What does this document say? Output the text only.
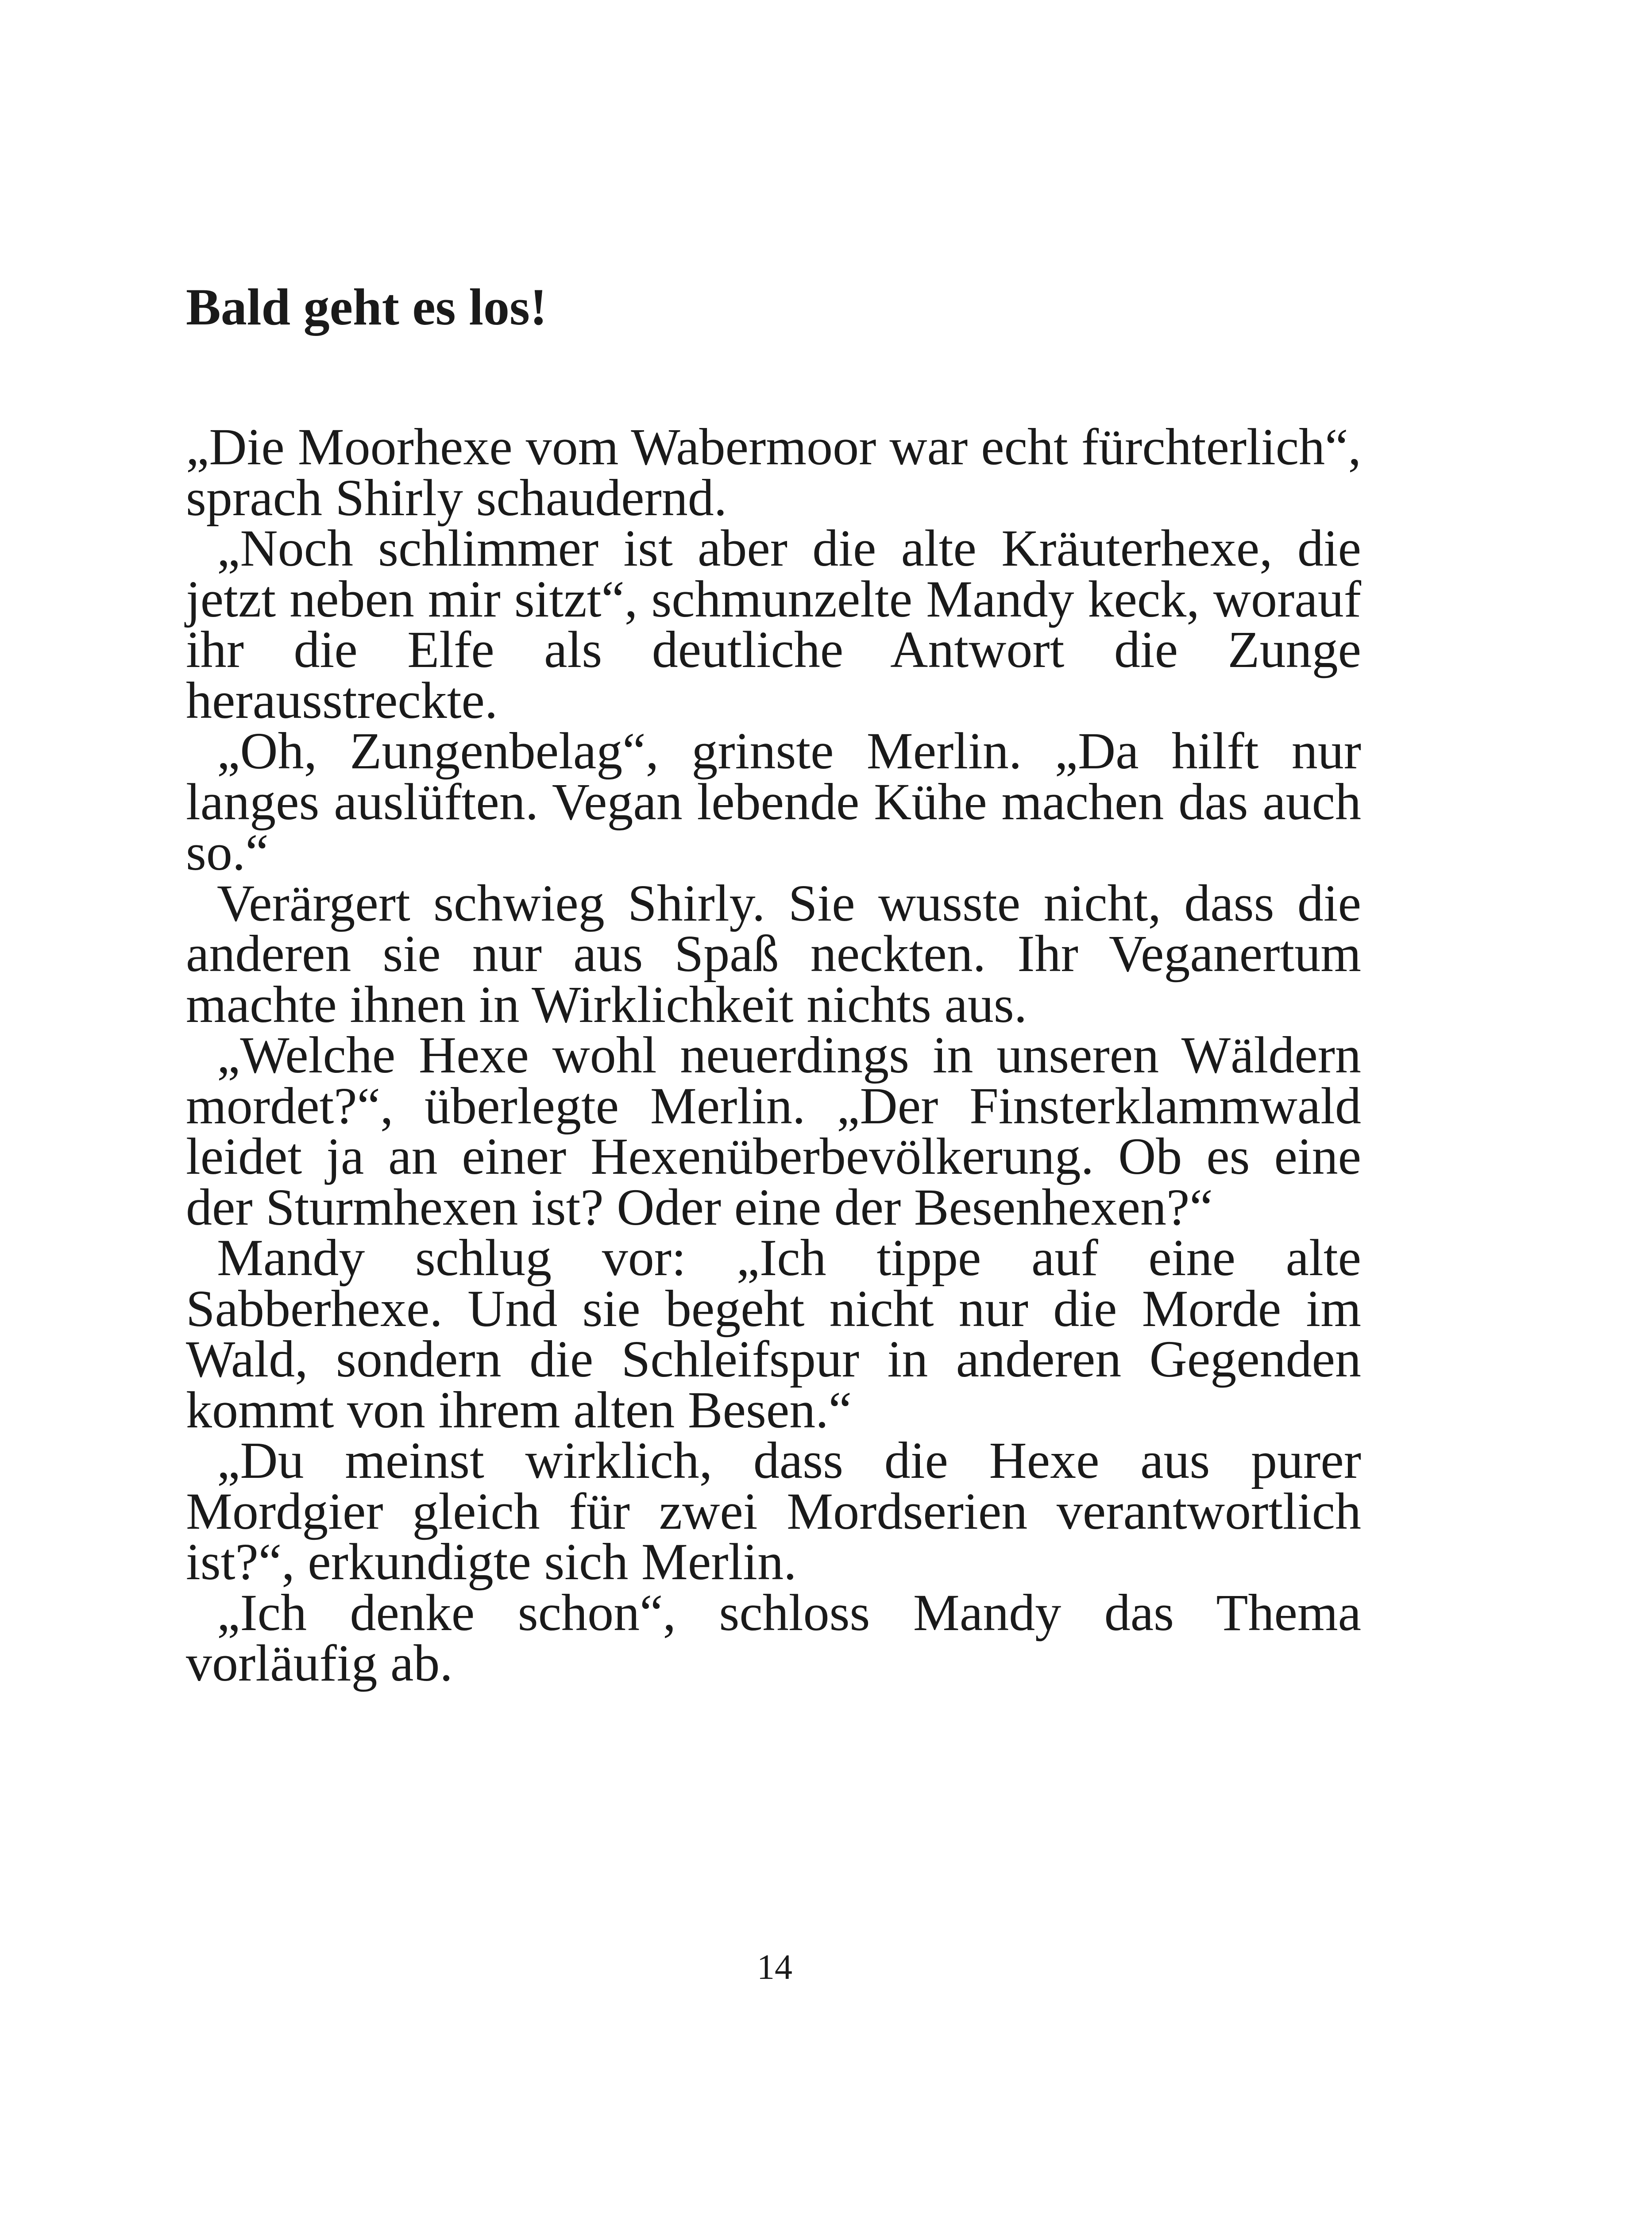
Bald geht es los!

„Die Moorhexe vom Wabermoor war echt fürchterlich“, sprach Shirly schaudernd.

„Noch schlimmer ist aber die alte Kräuterhexe, die jetzt neben mir sitzt“, schmunzelte Mandy keck, worauf ihr die Elfe als deutliche Antwort die Zunge herausstreckte.

„Oh, Zungenbelag“, grinste Merlin. „Da hilft nur langes auslüften. Vegan lebende Kühe machen das auch so.“

Verärgert schwieg Shirly. Sie wusste nicht, dass die anderen sie nur aus Spaß neckten. Ihr Veganertum machte ihnen in Wirklichkeit nichts aus.

„Welche Hexe wohl neuerdings in unseren Wäldern mordet?“, überlegte Merlin. „Der Finsterklammwald leidet ja an einer Hexenüberbevölkerung. Ob es eine der Sturmhexen ist? Oder eine der Besenhexen?“

Mandy schlug vor: „Ich tippe auf eine alte Sabberhexe. Und sie begeht nicht nur die Morde im Wald, sondern die Schleifspur in anderen Gegenden kommt von ihrem alten Besen.“

„Du meinst wirklich, dass die Hexe aus purer Mordgier gleich für zwei Mordserien verantwortlich ist?“, erkundigte sich Merlin.

„Ich denke schon“, schloss Mandy das Thema vorläufig ab.

14
